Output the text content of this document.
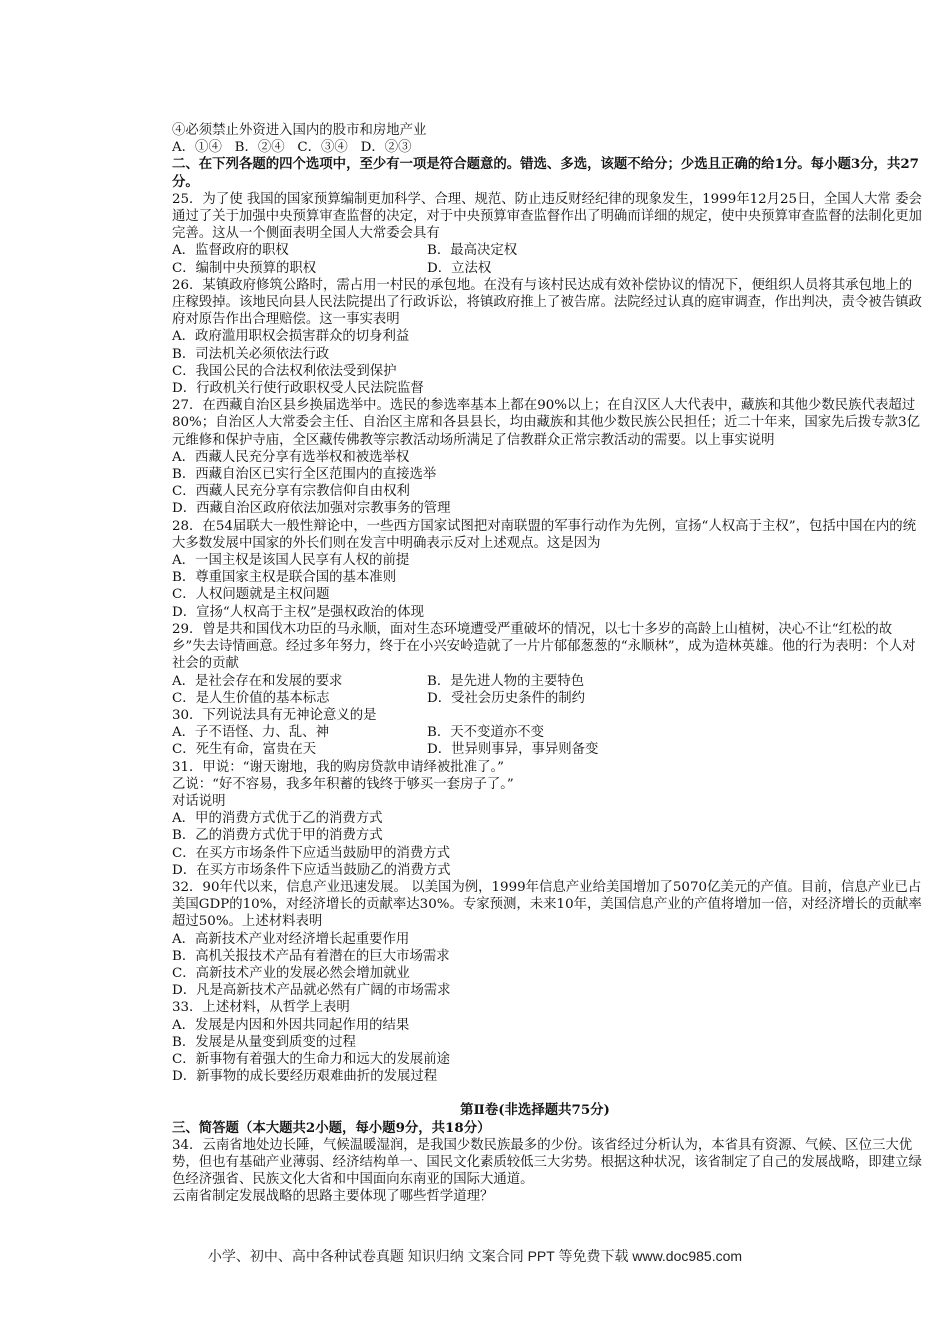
④必须禁止外资进入国内的股市和房地产业

A．①④   B．②④   C．③④   D．②③

二、在下列各题的四个选项中，至少有一项是符合题意的。错选、多选，该题不给分；少选且正确的给1分。每小题3分，共27分。

25．为了使 我国的国家预算编制更加科学、合理、规范、防止违反财经纪律的现象发生，1999年12月25日，全国人大常 委会通过了关于加强中央预算审查监督的决定，对于中央预算审查监督作出了明确而详细的规定，使中央预算审查监督的法制化更加完善。这从一个侧面表明全国人大常委会具有

A．监督政府的职权	B．最高决定权
C．编制中央预算的职权	D．立法权

26．某镇政府修筑公路时，需占用一村民的承包地。在没有与该村民达成有效补偿协议的情况下，便组织人员将其承包地上的庄稼毁掉。该地民向县人民法院提出了行政诉讼，将镇政府推上了被告席。法院经过认真的庭审调查，作出判决，责令被告镇政府对原告作出合理赔偿。这一事实表明

A．政府滥用职权会损害群众的切身利益

B．司法机关必须依法行政

C．我国公民的合法权利依法受到保护

D．行政机关行使行政职权受人民法院监督

27．在西藏自治区县乡换届选举中。选民的参选率基本上都在90%以上；在自汉区人大代表中，藏族和其他少数民族代表超过80%；自治区人大常委会主任、自治区主席和各县县长，均由藏族和其他少数民族公民担任；近二十年来，国家先后拨专款3亿元维修和保护寺庙，全区藏传佛教等宗教活动场所满足了信教群众正常宗教活动的需要。以上事实说明

A．西藏人民充分享有选举权和被选举权

B．西藏自治区已实行全区范围内的直接选举

C．西藏人民充分享有宗教信仰自由权利

D．西藏自治区政府依法加强对宗教事务的管理

28．在54届联大一般性辩论中，一些西方国家试图把对南联盟的军事行动作为先例，宣扬“人权高于主权”，包括中国在内的统大多数发展中国家的外长们则在发言中明确表示反对上述观点。这是因为

A．一国主权是该国人民享有人权的前提

B．尊重国家主权是联合国的基本准则

C．人权问题就是主权问题

D．宣扬“人权高于主权”是强权政治的体现

29．曾是共和国伐木功臣的马永顺，面对生态环境遭受严重破坏的情况，以七十多岁的高龄上山植树，决心不让“红松的故乡”失去诗情画意。经过多年努力，终于在小兴安岭造就了一片片郁郁葱葱的“永顺林”，成为造林英雄。他的行为表明：个人对社会的贡献

A．是社会存在和发展的要求	B．是先进人物的主要特色
C．是人生价值的基本标志	D．受社会历史条件的制约

30．下列说法具有无神论意义的是

A．子不语怪、力、乱、神	B．天不变道亦不变
C．死生有命，富贵在天	D．世异则事异，事异则备变

31．甲说：“谢天谢地，我的购房贷款申请绎被批准了。”

乙说：“好不容易，我多年积蓄的钱终于够买一套房子了。”

对话说明

A．甲的消费方式优于乙的消费方式

B．乙的消费方式优于甲的消费方式

C．在买方市场条件下应适当鼓励甲的消费方式

D．在买方市场条件下应适当鼓励乙的消费方式

32．90年代以来，信息产业迅速发展。 以美国为例，1999年信息产业给美国增加了5070亿美元的产值。目前，信息产业已占美国GDP的10%，对经济增长的贡献率达30%。专家预测，未来10年，美国信息产业的产值将增加一倍，对经济增长的贡献率超过50%。上述材料表明

A．高新技术产业对经济增长起重要作用

B．高机关报技术产品有着潜在的巨大市场需求

C．高新技术产业的发展必然会增加就业

D．凡是高新技术产品就必然有广阔的市场需求

33．上述材料，从哲学上表明

A．发展是内因和外因共同起作用的结果

B．发展是从量变到质变的过程

C．新事物有着强大的生命力和远大的发展前途

D．新事物的成长要经历艰难曲折的发展过程

第Ⅱ卷(非选择题共75分)

三、简答题（本大题共2小题，每小题9分，共18分）

34．云南省地处边长陲，气候温暖湿润，是我国少数民族最多的少份。该省经过分析认为，本省具有资源、气候、区位三大优势，但也有基础产业薄弱、经济结构单一、国民文化素质较低三大劣势。根据这种状况，该省制定了自己的发展战略，即建立绿色经济强省、民族文化大省和中国面向东南亚的国际大通道。

云南省制定发展战略的思路主要体现了哪些哲学道理？

小学、初中、高中各种试卷真题 知识归纳 文案合同 PPT 等免费下载 www.doc985.com
